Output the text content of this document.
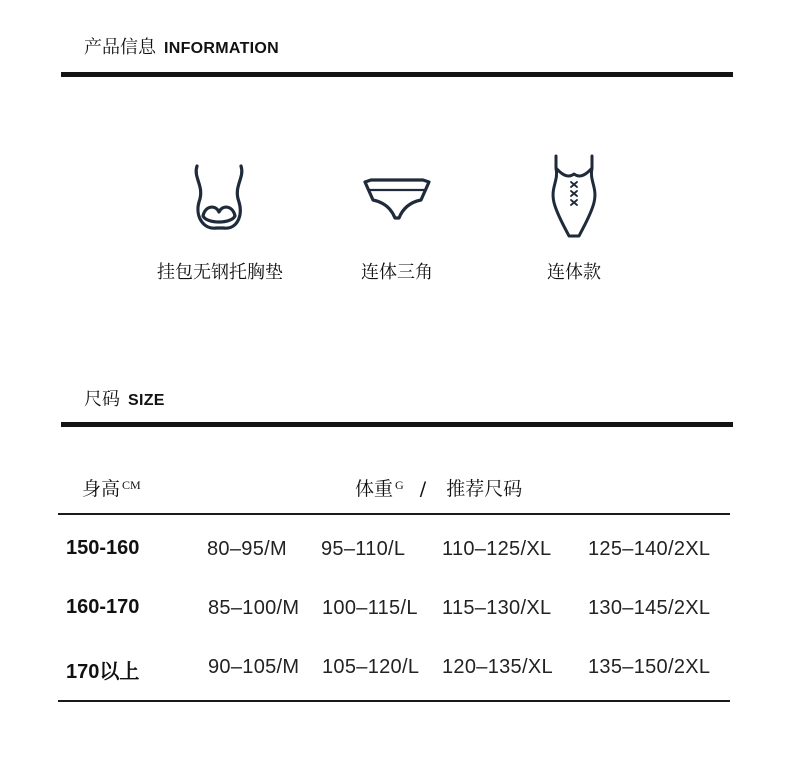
产品信息 INFORMATION
挂包无钢托胸垫	连体三角	连体款
尺码 SIZE
身高 $^{CM}$	体重 $^G$ / 推荐尺码
150-160	80–95/M 95–110/L 110–125/XL 125–140/2XL
160-170	85–100/M 100–115/L 115–130/XL 130–145/2XL
170以上	90–105/M 105–120/L 120–135/XL 135–150/2XL
